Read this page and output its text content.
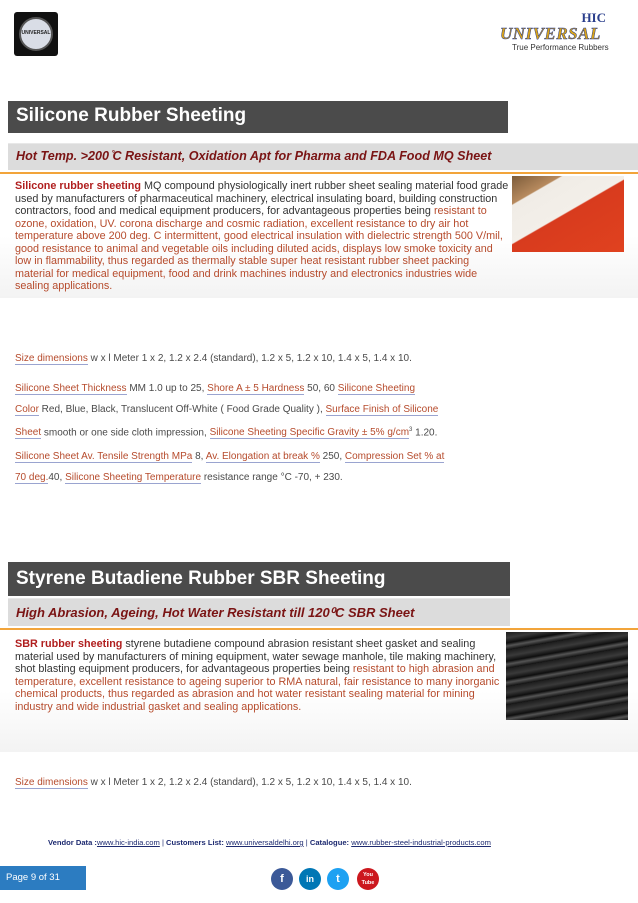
UNIVERSAL
HIC
UNIVERSAL
True Performance Rubbers
Silicone Rubber Sheeting
Hot Temp. >200 ̊C Resistant, Oxidation Apt for Pharma and FDA Food MQ Sheet
Silicone rubber sheeting MQ compound physiologically inert rubber sheet sealing material food grade used by manufacturers of pharmaceutical machinery, electrical insulating board, building construction contractors, food and medical equipment producers, for advantageous properties being resistant to ozone, oxidation, UV. corona discharge and cosmic radiation, excellent resistance to dry air hot temperature above 200 deg. C intermittent, good electrical insulation with dielectric strength 500 V/mil, good resistance to animal and vegetable oils including diluted acids, displays low smoke toxicity and low in flammability, thus regarded as thermally stable super heat resistant rubber sheet packing material for medical equipment, food and drink machines industry and electronics industries wide sealing applications.
Size dimensions w x l Meter 1 x 2, 1.2 x 2.4 (standard), 1.2 x 5, 1.2 x 10, 1.4 x 5, 1.4 x 10.
Silicone Sheet Thickness MM 1.0 up to 25, Shore A ± 5 Hardness 50, 60 Silicone Sheeting
Color Red, Blue, Black, Translucent Off-White ( Food Grade Quality ), Surface Finish of Silicone
Sheet smooth or one side cloth impression, Silicone Sheeting Specific Gravity ± 5% $g/cm^3$ 1.20.
Silicone Sheet Av. Tensile Strength MPa 8, Av. Elongation at break % 250, Compression Set % at
70 deg.40, Silicone Sheeting Temperature resistance range °C -70, + 230.
Styrene Butadiene Rubber SBR Sheeting
High Abrasion, Ageing, Hot Water Resistant till 120⁰C SBR Sheet
SBR rubber sheeting styrene butadiene compound abrasion resistant sheet gasket and sealing material used by manufacturers of mining equipment, water sewage manhole, tile making machinery, shot blasting equipment producers, for advantageous properties being resistant to high abrasion and temperature, excellent resistance to ageing superior to RMA natural, fair resistance to many inorganic chemical products, thus regarded as abrasion and hot water resistant sealing material for mining industry and wide industrial gasket and sealing applications.
Size dimensions w x l Meter 1 x 2, 1.2 x 2.4 (standard), 1.2 x 5, 1.2 x 10, 1.4 x 5, 1.4 x 10.
Vendor Data :www.hic-india.com | Customers List: www.universaldelhi.org | Catalogue: www.rubber-steel-industrial-products.com
Page 9 of 31	f	in	t	You Tube
